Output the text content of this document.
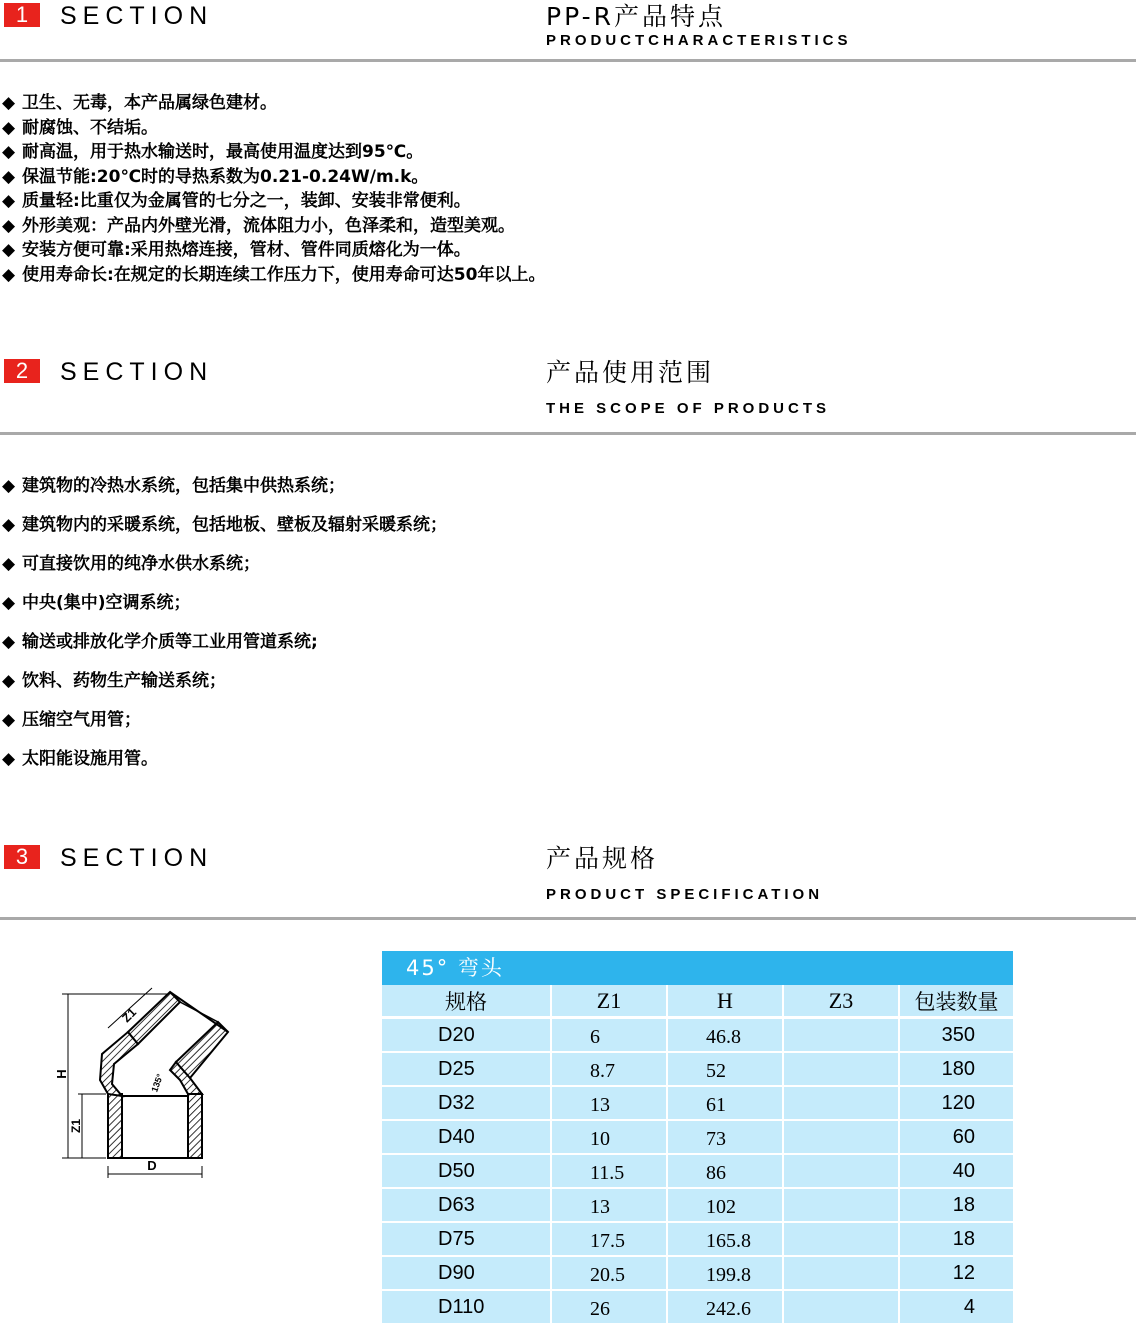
1	SECTION	PP-R产品特点
PRODUCTCHARACTERISTICS
◆ 卫生、无毒，本产品属绿色建材。
◆ 耐腐蚀、不结垢。
◆ 耐高温，用于热水输送时，最高使用温度达到95℃。
◆ 保温节能:20℃时的导热系数为0.21-0.24W/m.k。
◆ 质量轻:比重仅为金属管的七分之一，装卸、安装非常便利。
◆ 外形美观：产品内外壁光滑，流体阻力小，色泽柔和，造型美观。
◆ 安装方便可靠:采用热熔连接，管材、管件同质熔化为一体。
◆ 使用寿命长:在规定的长期连续工作压力下，使用寿命可达50年以上。
2	SECTION	产品使用范围
THE SCOPE OF PRODUCTS
◆ 建筑物的冷热水系统，包括集中供热系统；
◆ 建筑物内的采暖系统，包括地板、壁板及辐射采暖系统；
◆ 可直接饮用的纯净水供水系统；
◆ 中央(集中)空调系统；
◆ 输送或排放化学介质等工业用管道系统;
◆ 饮料、药物生产输送系统；
◆ 压缩空气用管；
◆ 太阳能设施用管。
3	SECTION	产品规格
PRODUCT SPECIFICATION
H
Z1
Z1
D
135°
45° 弯头
规格	Z1	H	Z3	包装数量
D20	6	46.8		350
D25	8.7	52		180
D32	13	61		120
D40	10	73		60
D50	11.5	86		40
D63	13	102		18
D75	17.5	165.8		18
D90	20.5	199.8		12
D110	26	242.6		4
